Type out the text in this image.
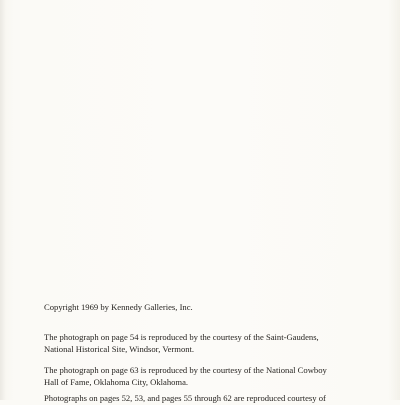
Copyright 1969 by Kennedy Galleries, Inc.

The photograph on page 54 is reproduced by the courtesy of the Saint-Gaudens,
National Historical Site, Windsor, Vermont.

The photograph on page 63 is reproduced by the courtesy of the National Cowboy
Hall of Fame, Oklahoma City, Oklahoma.

Photographs on pages 52, 53, and pages 55 through 62 are reproduced courtesy of
